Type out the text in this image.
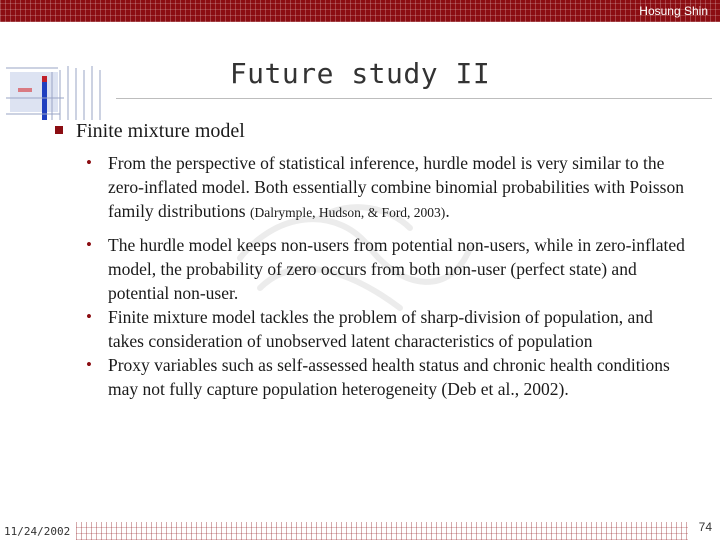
Hosung Shin
Future study II
Finite mixture model
• From the perspective of statistical inference, hurdle model is very similar to the zero-inflated model. Both essentially combine binomial probabilities with Poisson family distributions (Dalrymple, Hudson, & Ford, 2003).
• The hurdle model keeps non-users from potential non-users, while in zero-inflated model, the probability of zero occurs from both non-user (perfect state) and potential non-user.
• Finite mixture model tackles the problem of sharp-division of population, and takes consideration of unobserved latent characteristics of population
• Proxy variables such as self-assessed health status and chronic health conditions may not fully capture population heterogeneity (Deb et al., 2002).
11/24/2002	74
